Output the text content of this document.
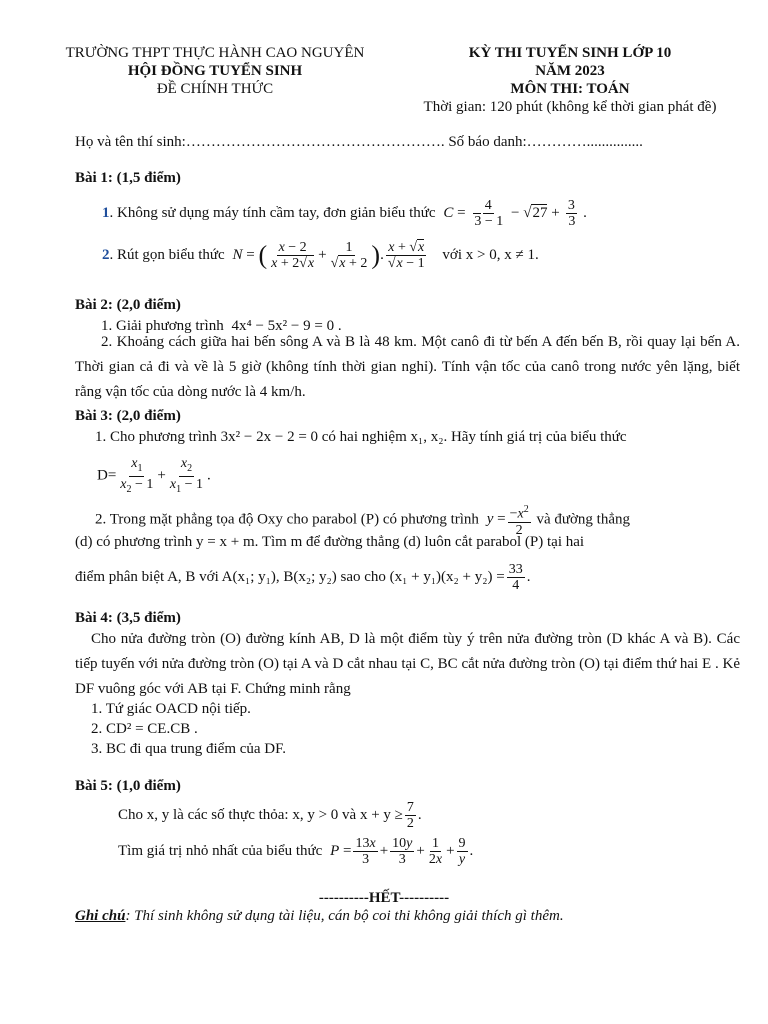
TRƯỜNG THPT THỰC HÀNH CAO NGUYÊN
HỘI ĐỒNG TUYỂN SINH
ĐỀ CHÍNH THỨC
KỲ THI TUYỂN SINH LỚP 10
NĂM 2023
MÔN THI: TOÁN
Thời gian: 120 phút (không kể thời gian phát đề)
Họ và tên thí sinh:……………………………………………. Số báo danh:…………...............
Bài 1: (1,5 điểm)
1. Không sử dụng máy tính cầm tay, đơn giản biểu thức $C = \frac{4}{3 - 1} - √27 + \frac{3}{3}$ .
2. Rút gọn biểu thức N = ( $\frac{x - 2}{x + 2√x} + \frac{1}{√x + 2}$ ). $\frac{x + √x}{√x - 1}$ với x > 0, x ≠ 1.
Bài 2: (2,0 điểm)
1. Giải phương trình 4x⁴ − 5x² − 9 = 0 .
2. Khoảng cách giữa hai bến sông A và B là 48 km. Một canô đi từ bến A đến bến B, rồi quay lại bến A. Thời gian cả đi và về là 5 giờ (không tính thời gian nghỉ). Tính vận tốc của canô trong nước yên lặng, biết rằng vận tốc của dòng nước là 4 km/h.
Bài 3: (2,0 điểm)
1. Cho phương trình 3x² − 2x − 2 = 0 có hai nghiệm x₁, x₂. Hãy tính giá trị của biểu thức
$D= \frac{x_1}{x_2 - 1} + \frac{x_2}{x_1 - 1}$ .
2. Trong mặt phẳng tọa độ Oxy cho parabol (P) có phương trình $y = \frac{-x^2}{2}$ và đường thẳng
(d) có phương trình y = x + m. Tìm m để đường thẳng (d) luôn cắt parabol (P) tại hai
điểm phân biệt A, B với A(x₁; y₁), B(x₂; y₂) sao cho $(x_1 + y_1)(x_2 + y_2) = \frac{33}{4}$ .
Bài 4: (3,5 điểm)
Cho nửa đường tròn (O) đường kính AB, D là một điểm tùy ý trên nửa đường tròn (D khác A và B). Các tiếp tuyến với nửa đường tròn (O) tại A và D cắt nhau tại C, BC cắt nửa đường tròn (O) tại điểm thứ hai E . Kẻ DF vuông góc với AB tại F. Chứng minh rằng
1. Tứ giác OACD nội tiếp.
2. CD² = CE.CB .
3. BC đi qua trung điểm của DF.
Bài 5: (1,0 điểm)
Cho x, y là các số thực thỏa: x, y > 0 và $x + y \ge \frac{7}{2}$ .
Tìm giá trị nhỏ nhất của biểu thức $P = \frac{13x}{3} + \frac{10y}{3} + \frac{1}{2x} + \frac{9}{y}$ .
----------HẾT----------
Ghi chú: Thí sinh không sử dụng tài liệu, cán bộ coi thi không giải thích gì thêm.
